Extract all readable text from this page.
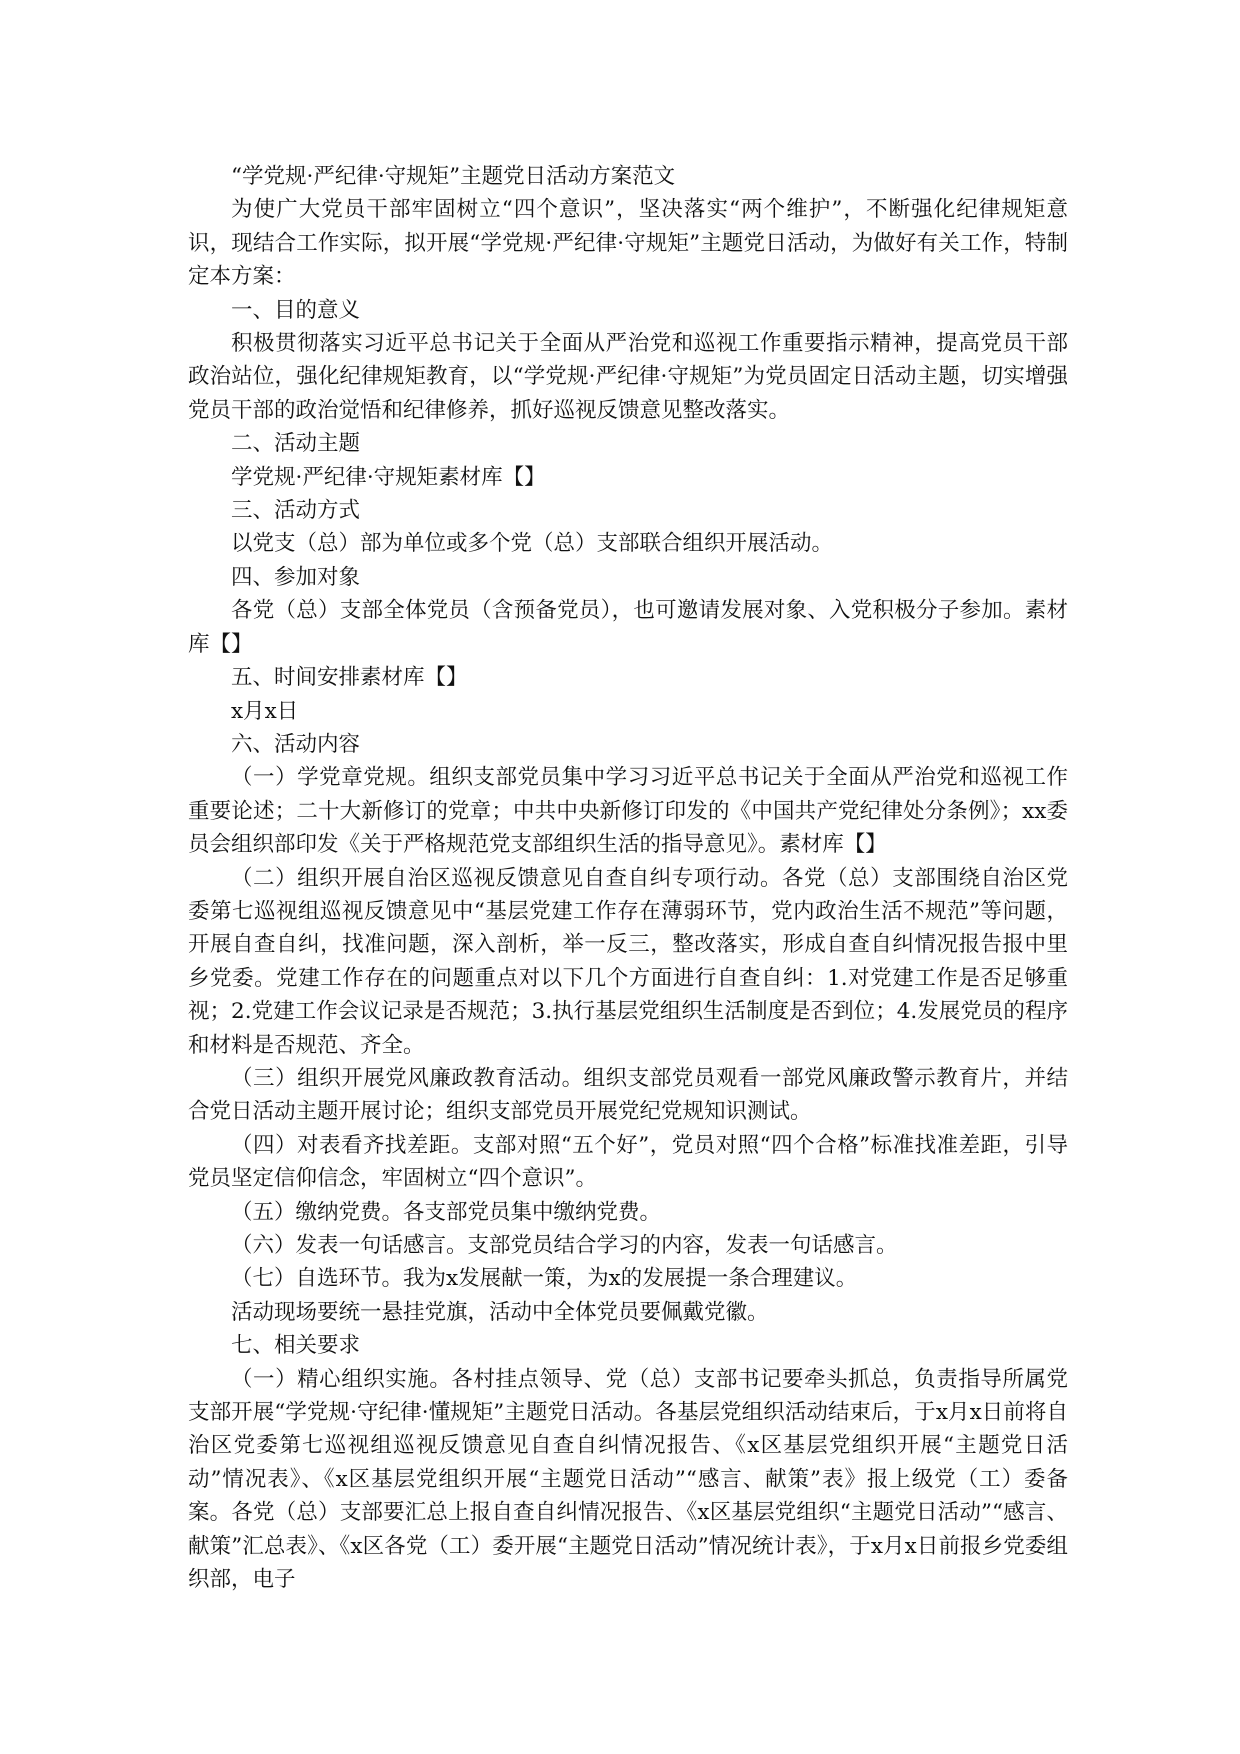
“学党规·严纪律·守规矩”主题党日活动方案范文

为使广大党员干部牢固树立“四个意识”，坚决落实“两个维护”，不断强化纪律规矩意识，现结合工作实际，拟开展“学党规·严纪律·守规矩”主题党日活动，为做好有关工作，特制定本方案：

一、目的意义

积极贯彻落实习近平总书记关于全面从严治党和巡视工作重要指示精神，提高党员干部政治站位，强化纪律规矩教育，以“学党规·严纪律·守规矩”为党员固定日活动主题，切实增强党员干部的政治觉悟和纪律修养，抓好巡视反馈意见整改落实。

二、活动主题

学党规·严纪律·守规矩素材库【】

三、活动方式

以党支（总）部为单位或多个党（总）支部联合组织开展活动。

四、参加对象

各党（总）支部全体党员（含预备党员），也可邀请发展对象、入党积极分子参加。素材库【】

五、时间安排素材库【】

x月x日

六、活动内容

（一）学党章党规。组织支部党员集中学习习近平总书记关于全面从严治党和巡视工作重要论述；二十大新修订的党章；中共中央新修订印发的《中国共产党纪律处分条例》；xx委员会组织部印发《关于严格规范党支部组织生活的指导意见》。素材库【】

（二）组织开展自治区巡视反馈意见自查自纠专项行动。各党（总）支部围绕自治区党委第七巡视组巡视反馈意见中“基层党建工作存在薄弱环节，党内政治生活不规范”等问题，开展自查自纠，找准问题，深入剖析，举一反三，整改落实，形成自查自纠情况报告报中里乡党委。党建工作存在的问题重点对以下几个方面进行自查自纠：1.对党建工作是否足够重视；2.党建工作会议记录是否规范；3.执行基层党组织生活制度是否到位；4.发展党员的程序和材料是否规范、齐全。

（三）组织开展党风廉政教育活动。组织支部党员观看一部党风廉政警示教育片，并结合党日活动主题开展讨论；组织支部党员开展党纪党规知识测试。

（四）对表看齐找差距。支部对照“五个好”，党员对照“四个合格”标准找准差距，引导党员坚定信仰信念，牢固树立“四个意识”。

（五）缴纳党费。各支部党员集中缴纳党费。

（六）发表一句话感言。支部党员结合学习的内容，发表一句话感言。

（七）自选环节。我为x发展献一策，为x的发展提一条合理建议。

活动现场要统一悬挂党旗，活动中全体党员要佩戴党徽。

七、相关要求

（一）精心组织实施。各村挂点领导、党（总）支部书记要牵头抓总，负责指导所属党支部开展“学党规·守纪律·懂规矩”主题党日活动。各基层党组织活动结束后，于x月x日前将自治区党委第七巡视组巡视反馈意见自查自纠情况报告、《x区基层党组织开展“主题党日活动”情况表》、《x区基层党组织开展“主题党日活动”“感言、献策”表》报上级党（工）委备案。各党（总）支部要汇总上报自查自纠情况报告、《x区基层党组织“主题党日活动”“感言、献策”汇总表》、《x区各党（工）委开展“主题党日活动”情况统计表》，于x月x日前报乡党委组织部，电子
